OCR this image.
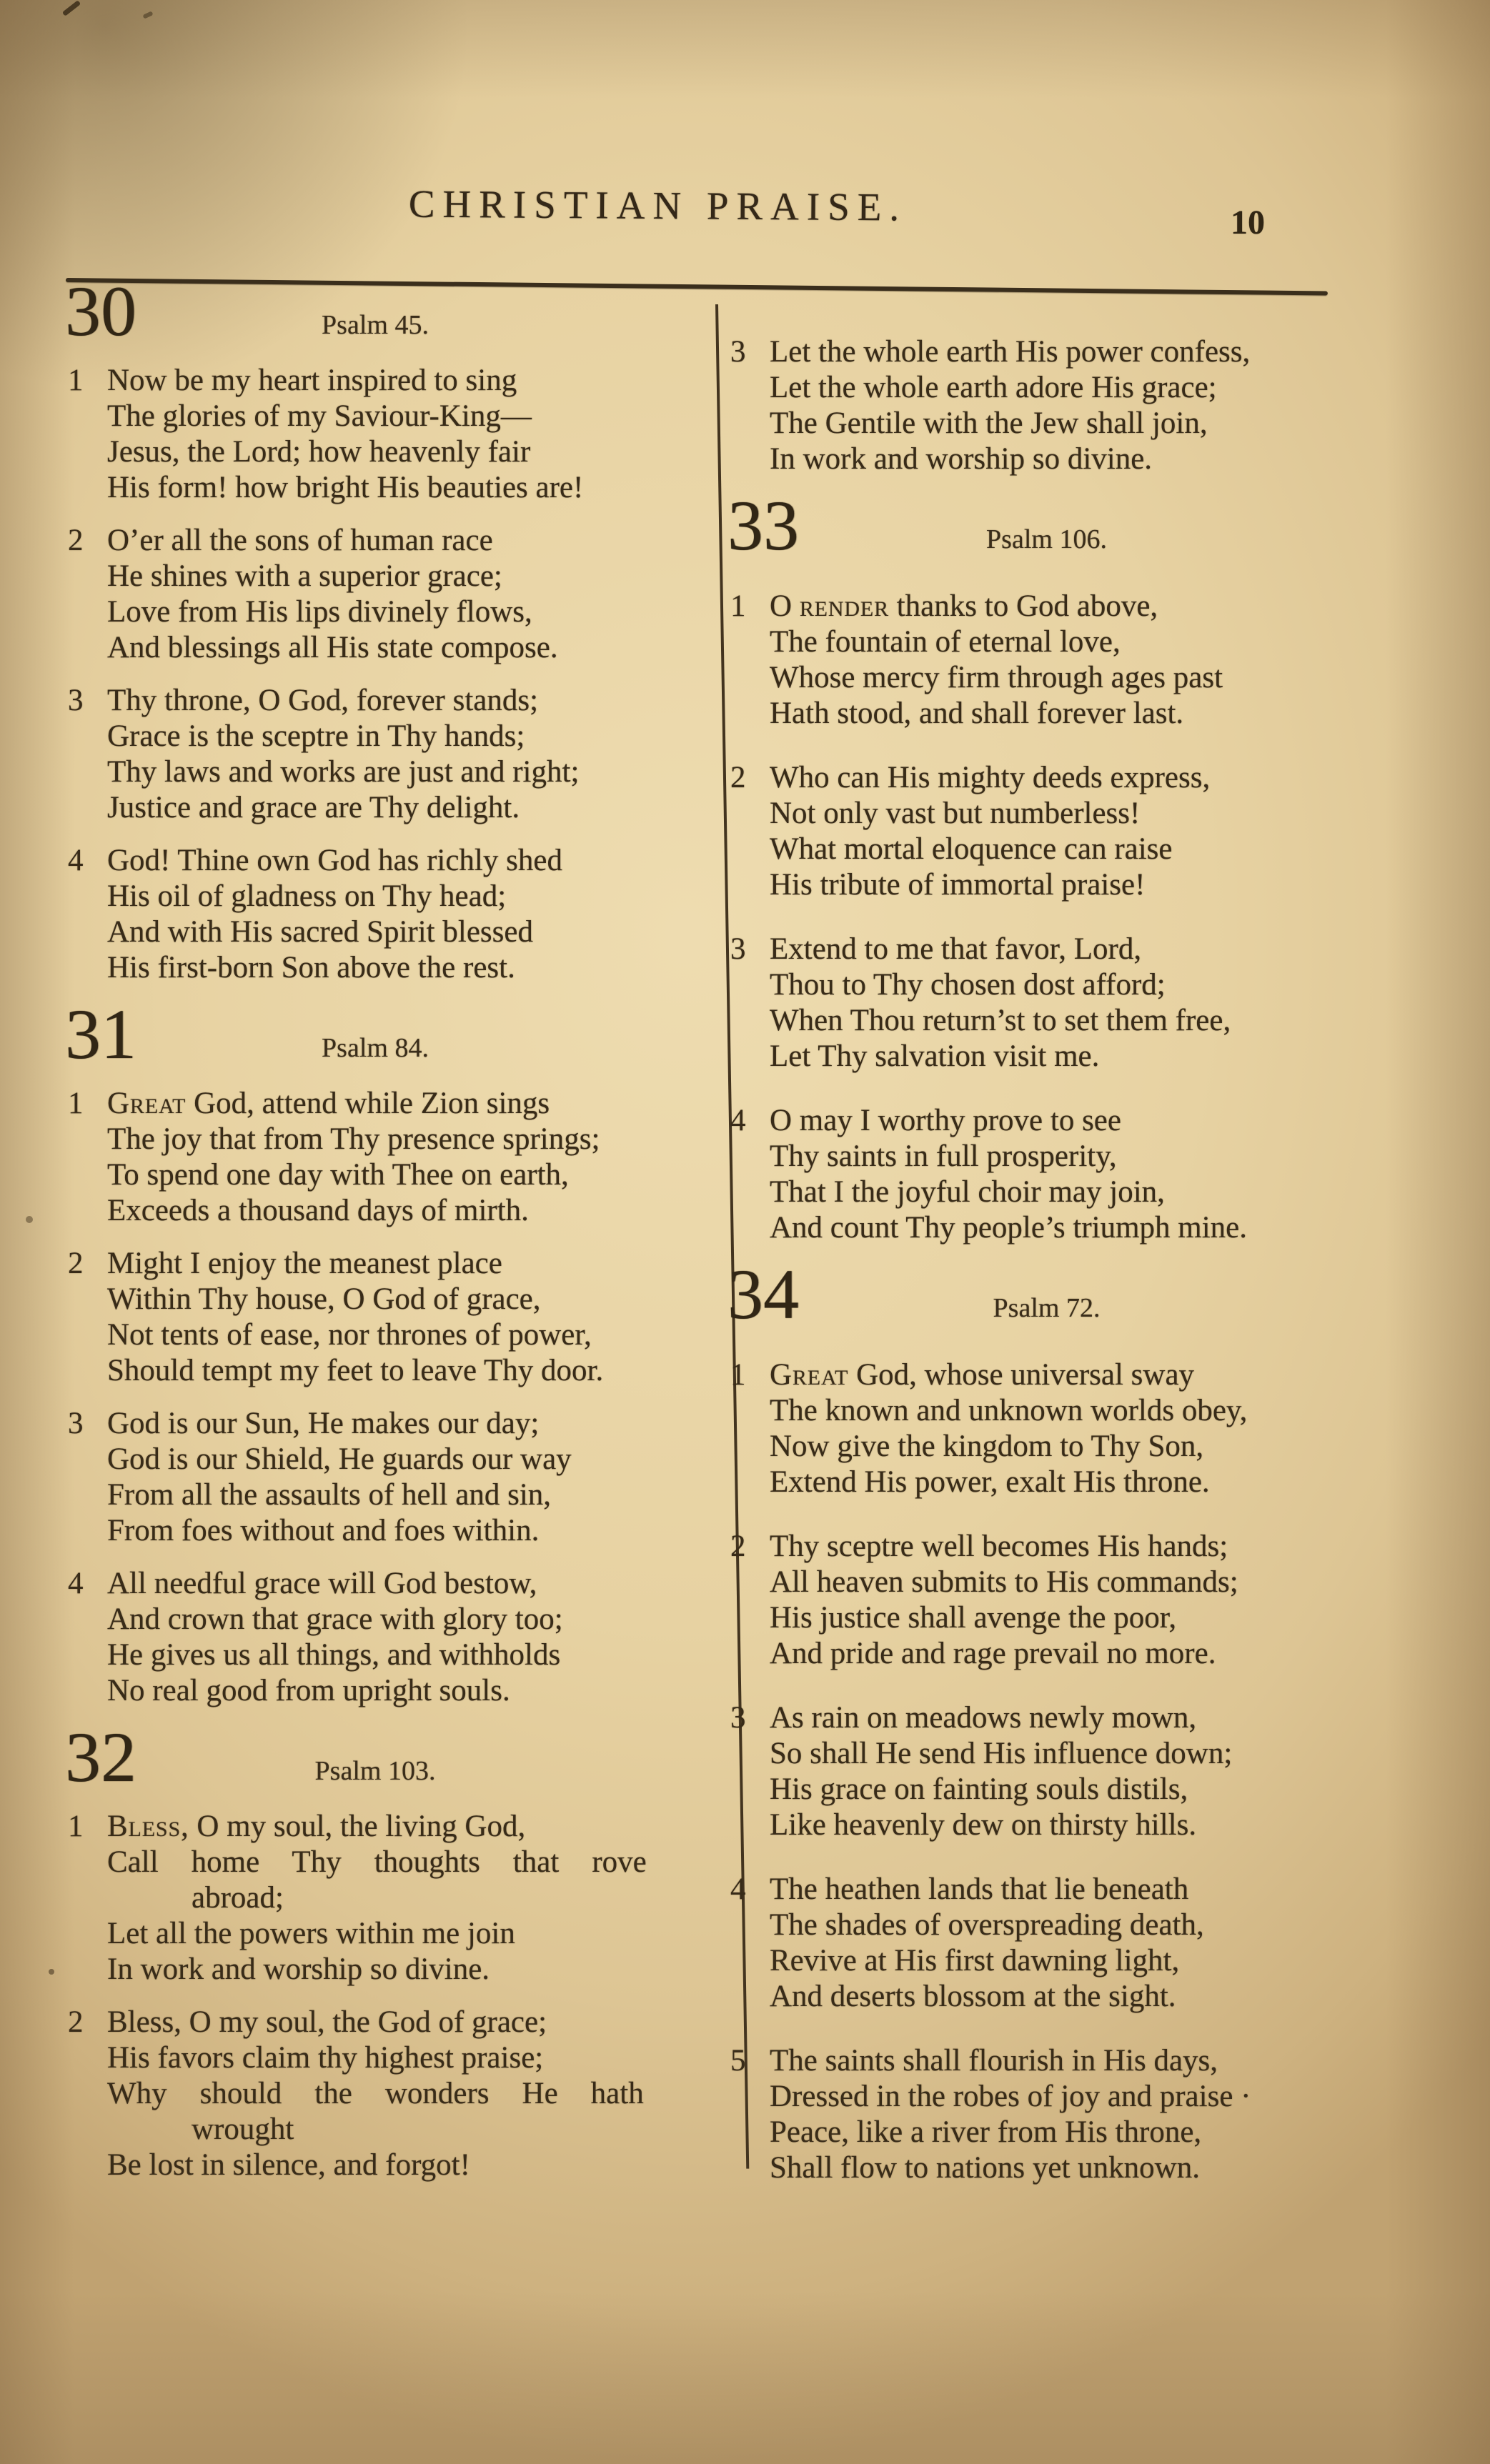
CHRISTIAN PRAISE.	10
30	Psalm 45.
1 Now be my heart inspired to sing
The glories of my Saviour-King—
Jesus, the Lord; how heavenly fair
His form! how bright His beauties are!
2 O’er all the sons of human race
He shines with a superior grace;
Love from His lips divinely flows,
And blessings all His state compose.
3 Thy throne, O God, forever stands;
Grace is the sceptre in Thy hands;
Thy laws and works are just and right;
Justice and grace are Thy delight.
4 God! Thine own God has richly shed
His oil of gladness on Thy head;
And with His sacred Spirit blessed
His first-born Son above the rest.
31	Psalm 84.
1 Great God, attend while Zion sings
The joy that from Thy presence springs;
To spend one day with Thee on earth,
Exceeds a thousand days of mirth.
2 Might I enjoy the meanest place
Within Thy house, O God of grace,
Not tents of ease, nor thrones of power,
Should tempt my feet to leave Thy door.
3 God is our Sun, He makes our day;
God is our Shield, He guards our way
From all the assaults of hell and sin,
From foes without and foes within.
4 All needful grace will God bestow,
And crown that grace with glory too;
He gives us all things, and withholds
No real good from upright souls.
32	Psalm 103.
1 Bless, O my soul, the living God,
Call home Thy thoughts that rove
abroad;
Let all the powers within me join
In work and worship so divine.
2 Bless, O my soul, the God of grace;
His favors claim thy highest praise;
Why should the wonders He hath
wrought
Be lost in silence, and forgot!
3 Let the whole earth His power confess,
Let the whole earth adore His grace;
The Gentile with the Jew shall join,
In work and worship so divine.
33	Psalm 106.
1 O render thanks to God above,
The fountain of eternal love,
Whose mercy firm through ages past
Hath stood, and shall forever last.
2 Who can His mighty deeds express,
Not only vast but numberless!
What mortal eloquence can raise
His tribute of immortal praise!
3 Extend to me that favor, Lord,
Thou to Thy chosen dost afford;
When Thou return’st to set them free,
Let Thy salvation visit me.
4 O may I worthy prove to see
Thy saints in full prosperity,
That I the joyful choir may join,
And count Thy people’s triumph mine.
34	Psalm 72.
1 Great God, whose universal sway
The known and unknown worlds obey,
Now give the kingdom to Thy Son,
Extend His power, exalt His throne.
2 Thy sceptre well becomes His hands;
All heaven submits to His commands;
His justice shall avenge the poor,
And pride and rage prevail no more.
3 As rain on meadows newly mown,
So shall He send His influence down;
His grace on fainting souls distils,
Like heavenly dew on thirsty hills.
4 The heathen lands that lie beneath
The shades of overspreading death,
Revive at His first dawning light,
And deserts blossom at the sight.
5 The saints shall flourish in His days,
Dressed in the robes of joy and praise ·
Peace, like a river from His throne,
Shall flow to nations yet unknown.
